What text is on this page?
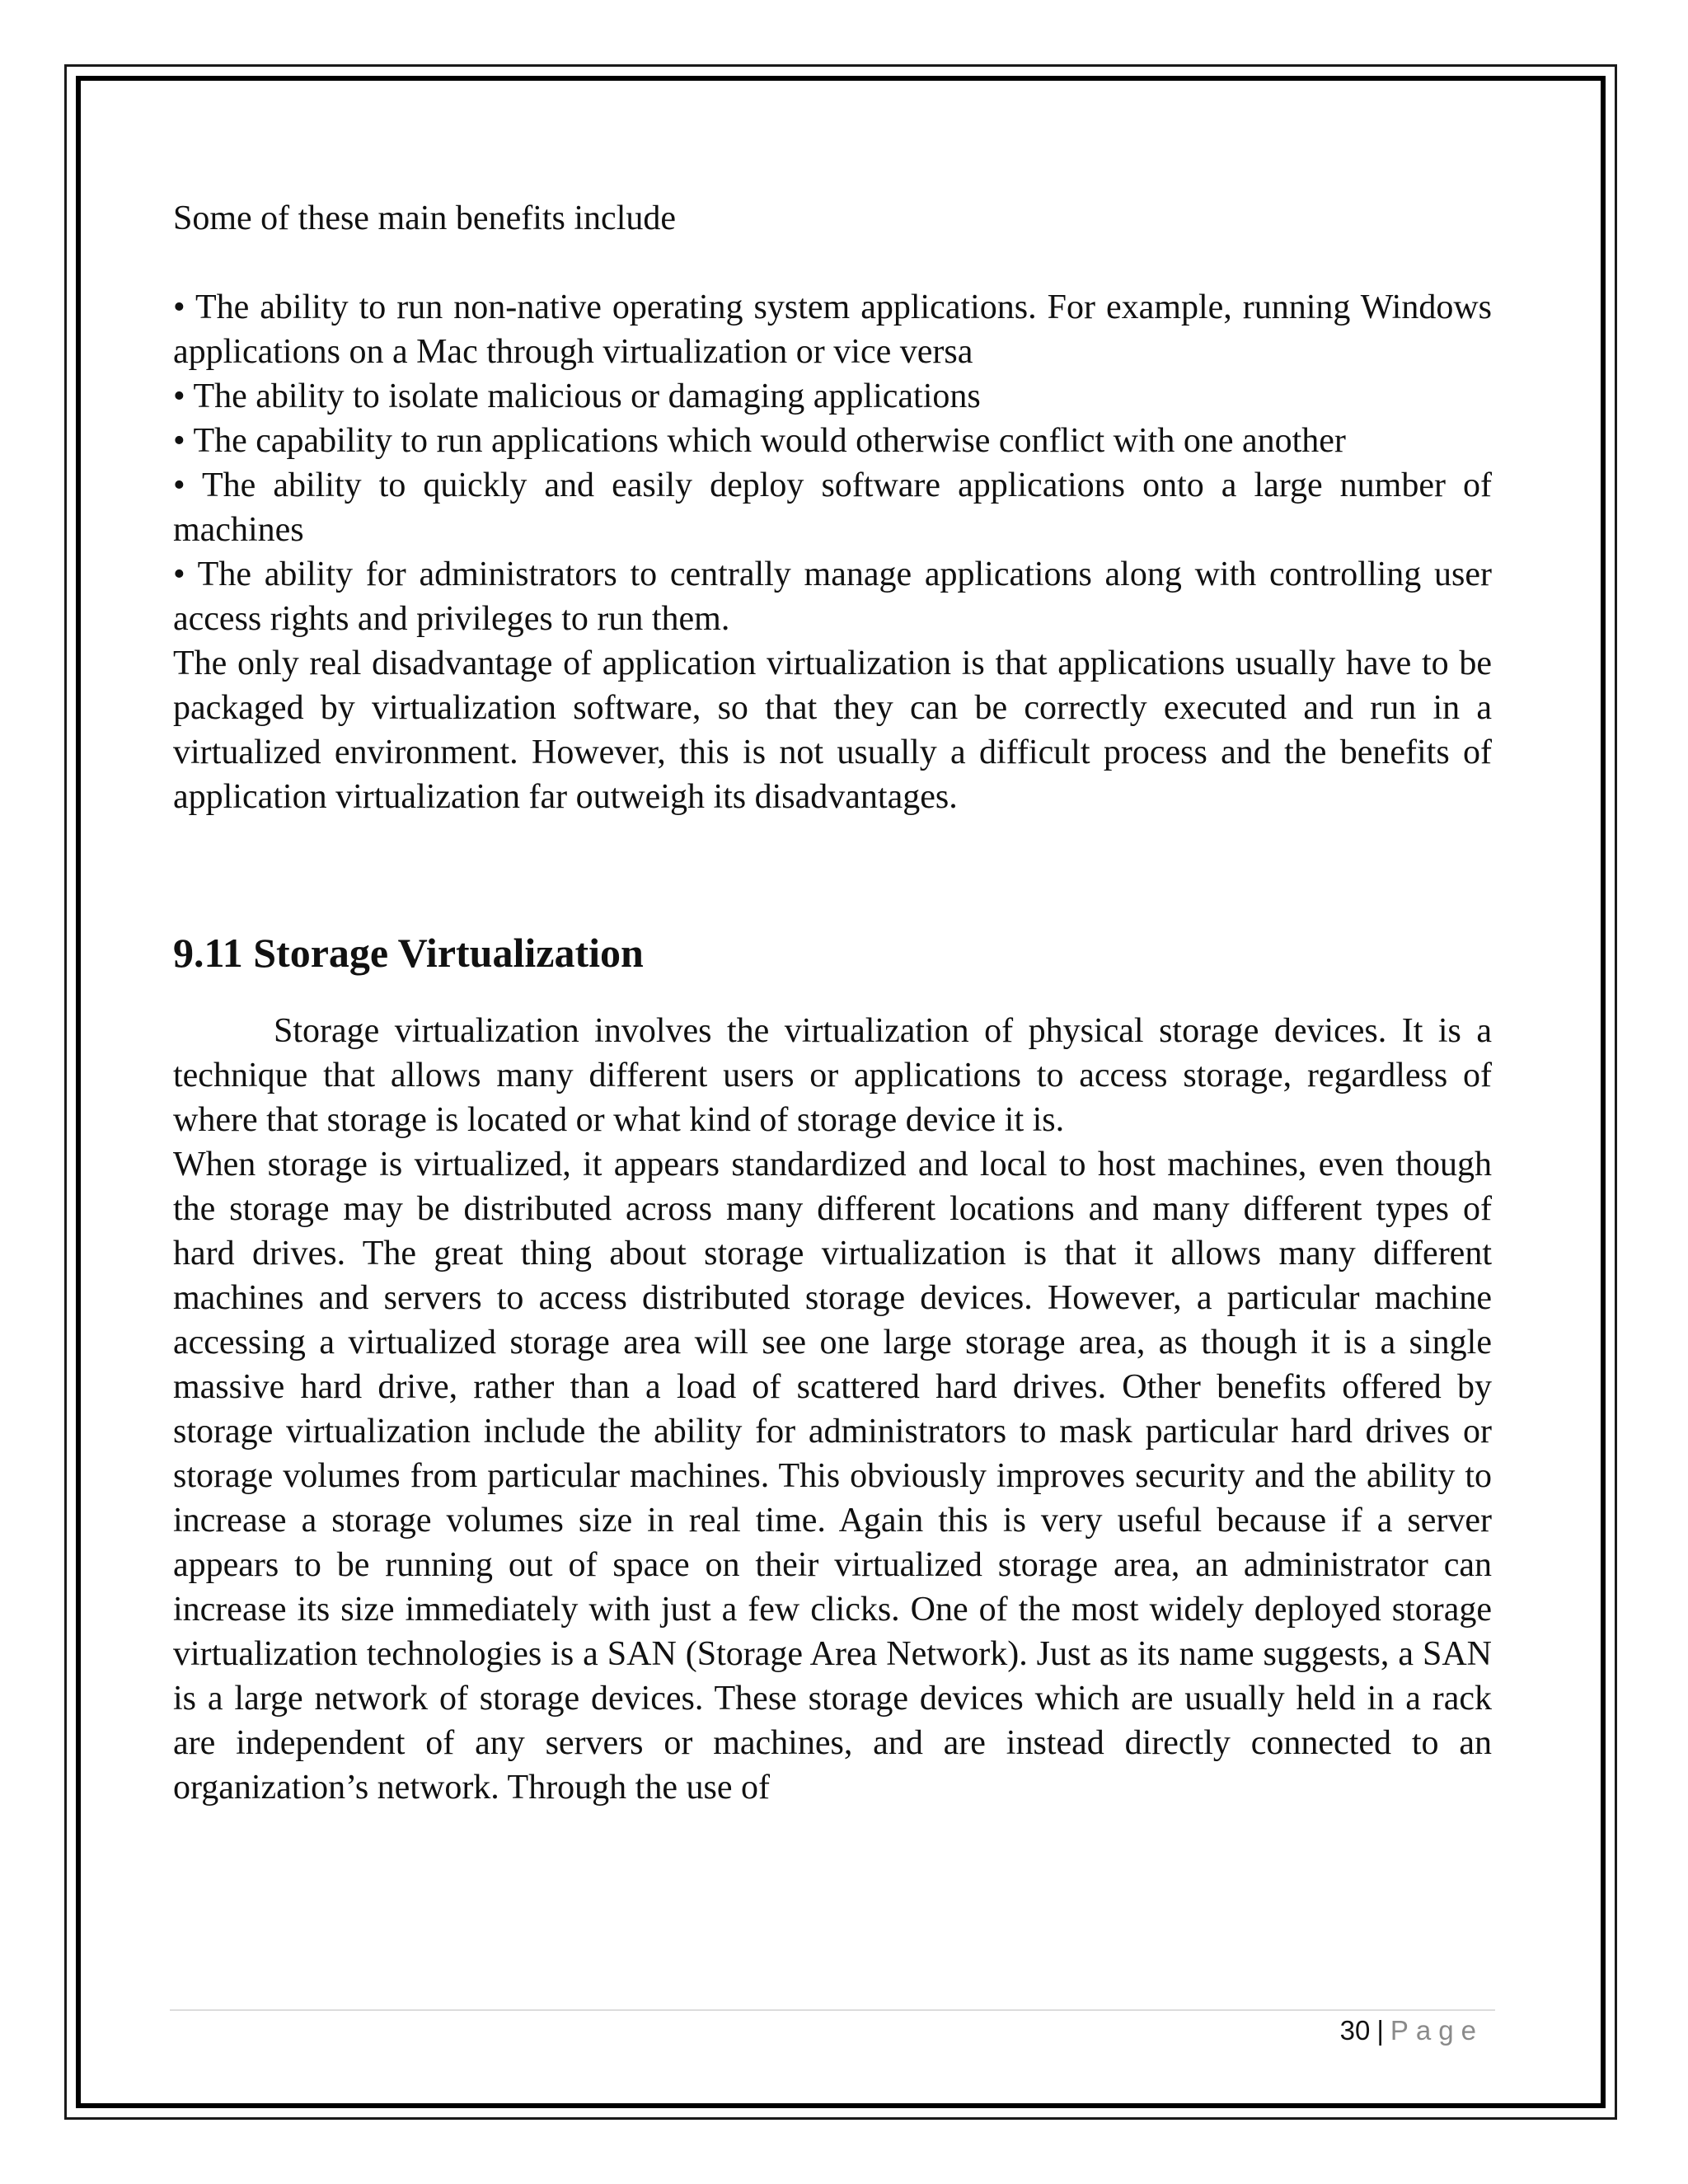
Some of these main benefits include

• The ability to run non-native operating system applications. For example, running Windows applications on a Mac through virtualization or vice versa
• The ability to isolate malicious or damaging applications
• The capability to run applications which would otherwise conflict with one another
• The ability to quickly and easily deploy software applications onto a large number of machines
• The ability for administrators to centrally manage applications along with controlling user access rights and privileges to run them.

The only real disadvantage of application virtualization is that applications usually have to be packaged by virtualization software, so that they can be correctly executed and run in a virtualized environment. However, this is not usually a difficult process and the benefits of application virtualization far outweigh its disadvantages.

9.11 Storage Virtualization

Storage virtualization involves the virtualization of physical storage devices. It is a technique that allows many different users or applications to access storage, regardless of where that storage is located or what kind of storage device it is.

When storage is virtualized, it appears standardized and local to host machines, even though the storage may be distributed across many different locations and many different types of hard drives. The great thing about storage virtualization is that it allows many different machines and servers to access distributed storage devices. However, a particular machine accessing a virtualized storage area will see one large storage area, as though it is a single massive hard drive, rather than a load of scattered hard drives. Other benefits offered by storage virtualization include the ability for administrators to mask particular hard drives or storage volumes from particular machines. This obviously improves security and the ability to increase a storage volumes size in real time. Again this is very useful because if a server appears to be running out of space on their virtualized storage area, an administrator can increase its size immediately with just a few clicks. One of the most widely deployed storage virtualization technologies is a SAN (Storage Area Network). Just as its name suggests, a SAN is a large network of storage devices. These storage devices which are usually held in a rack are independent of any servers or machines, and are instead directly connected to an organization’s network. Through the use of

30 | Page
